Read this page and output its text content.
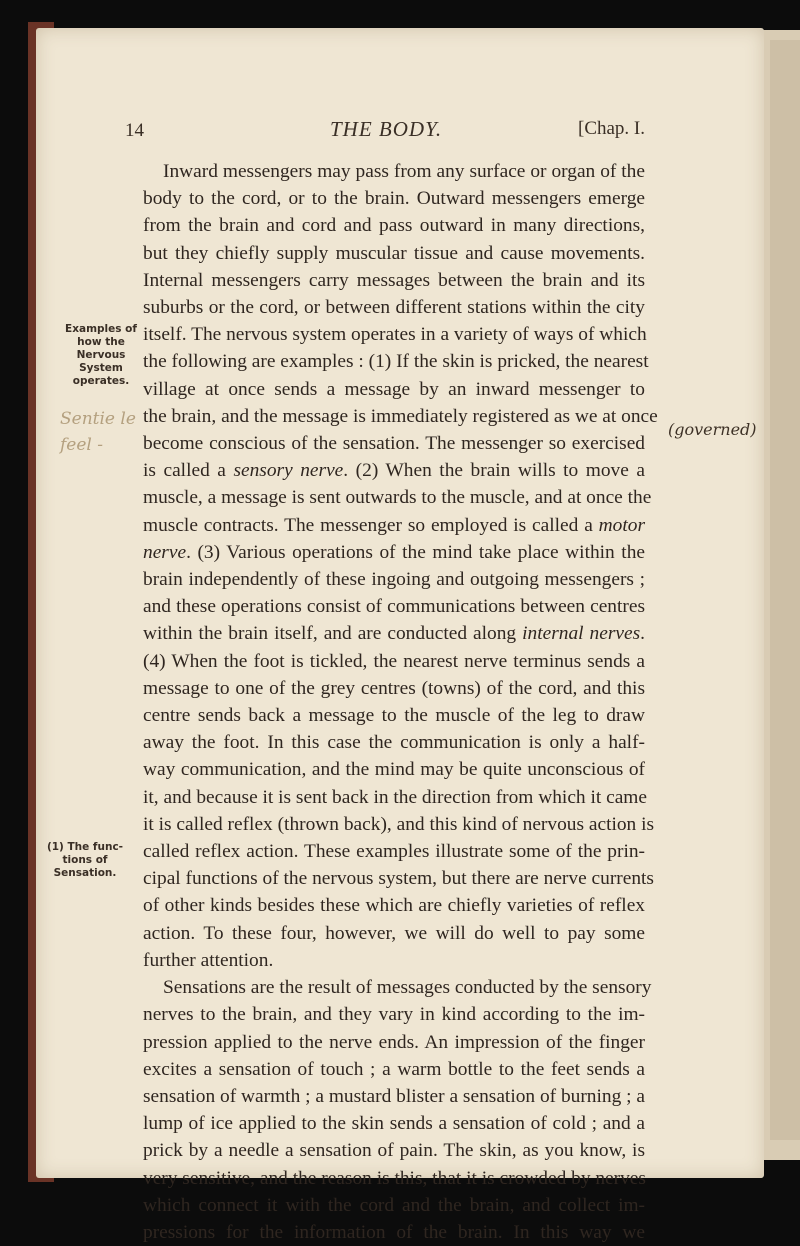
14	THE BODY.	[Chap. I.
Examples of
how the
Nervous
System
operates.
(1) The func-
tions of
Sensation.
Sentie le
feel -
(governed)
Inward messengers may pass from any surface or organ of the
body to the cord, or to the brain. Outward messengers emerge
from the brain and cord and pass outward in many directions,
but they chiefly supply muscular tissue and cause movements.
Internal messengers carry messages between the brain and its
suburbs or the cord, or between different stations within the city
itself. The nervous system operates in a variety of ways of which
the following are examples : (1) If the skin is pricked, the nearest
village at once sends a message by an inward messenger to
the brain, and the message is immediately registered as we at once
become conscious of the sensation. The messenger so exercised
is called a sensory nerve. (2) When the brain wills to move a
muscle, a message is sent outwards to the muscle, and at once the
muscle contracts. The messenger so employed is called a motor
nerve. (3) Various operations of the mind take place within the
brain independently of these ingoing and outgoing messengers ;
and these operations consist of communications between centres
within the brain itself, and are conducted along internal nerves.
(4) When the foot is tickled, the nearest nerve terminus sends a
message to one of the grey centres (towns) of the cord, and this
centre sends back a message to the muscle of the leg to draw
away the foot. In this case the communication is only a half-
way communication, and the mind may be quite unconscious of
it, and because it is sent back in the direction from which it came
it is called reflex (thrown back), and this kind of nervous action is
called reflex action. These examples illustrate some of the prin-
cipal functions of the nervous system, but there are nerve currents
of other kinds besides these which are chiefly varieties of reflex
action. To these four, however, we will do well to pay some
further attention.
Sensations are the result of messages conducted by the sensory
nerves to the brain, and they vary in kind according to the im-
pression applied to the nerve ends. An impression of the finger
excites a sensation of touch ; a warm bottle to the feet sends a
sensation of warmth ; a mustard blister a sensation of burning ; a
lump of ice applied to the skin sends a sensation of cold ; and a
prick by a needle a sensation of pain. The skin, as you know, is
very sensitive, and the reason is this, that it is crowded by nerves
which connect it with the cord and the brain, and collect im-
pressions for the information of the brain. In this way we
